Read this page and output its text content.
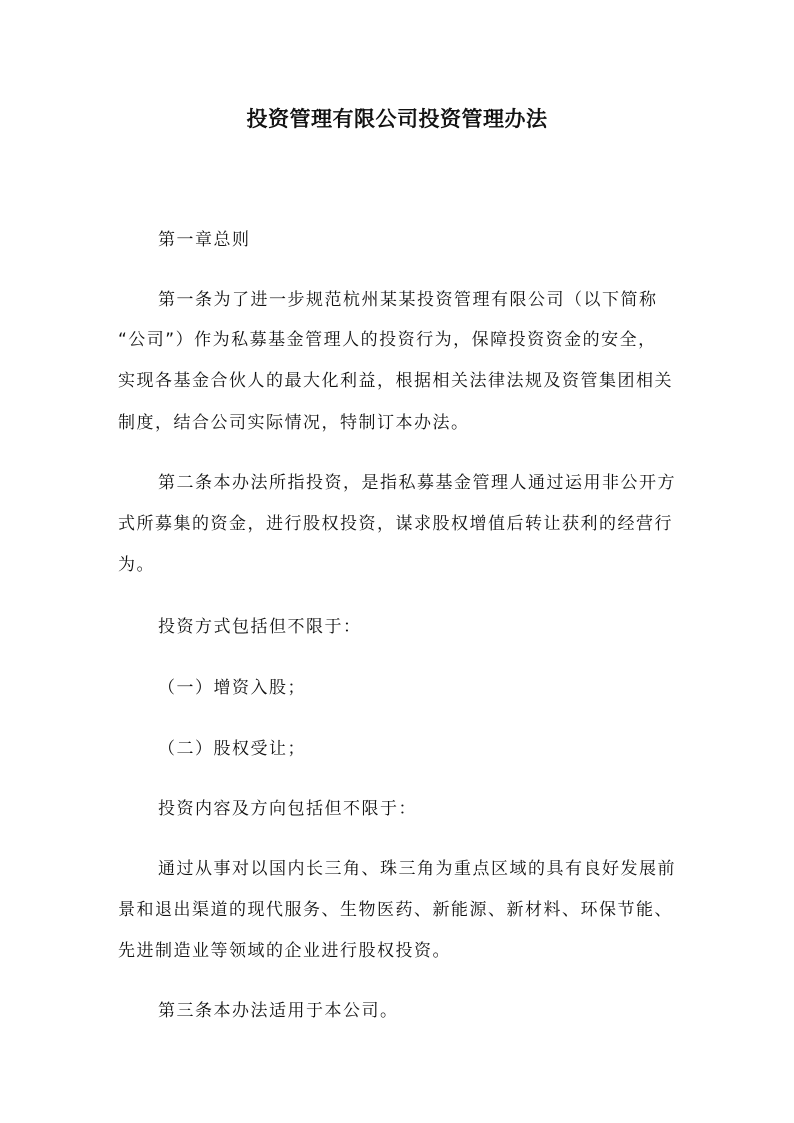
投资管理有限公司投资管理办法
第一章总则
第一条为了进一步规范杭州某某投资管理有限公司（以下简称
“公司”）作为私募基金管理人的投资行为，保障投资资金的安全，
实现各基金合伙人的最大化利益，根据相关法律法规及资管集团相关
制度，结合公司实际情况，特制订本办法。
第二条本办法所指投资，是指私募基金管理人通过运用非公开方
式所募集的资金，进行股权投资，谋求股权增值后转让获利的经营行
为。
投资方式包括但不限于：
（一）增资入股；
（二）股权受让；
投资内容及方向包括但不限于：
通过从事对以国内长三角、珠三角为重点区域的具有良好发展前
景和退出渠道的现代服务、生物医药、新能源、新材料、环保节能、
先进制造业等领域的企业进行股权投资。
第三条本办法适用于本公司。
